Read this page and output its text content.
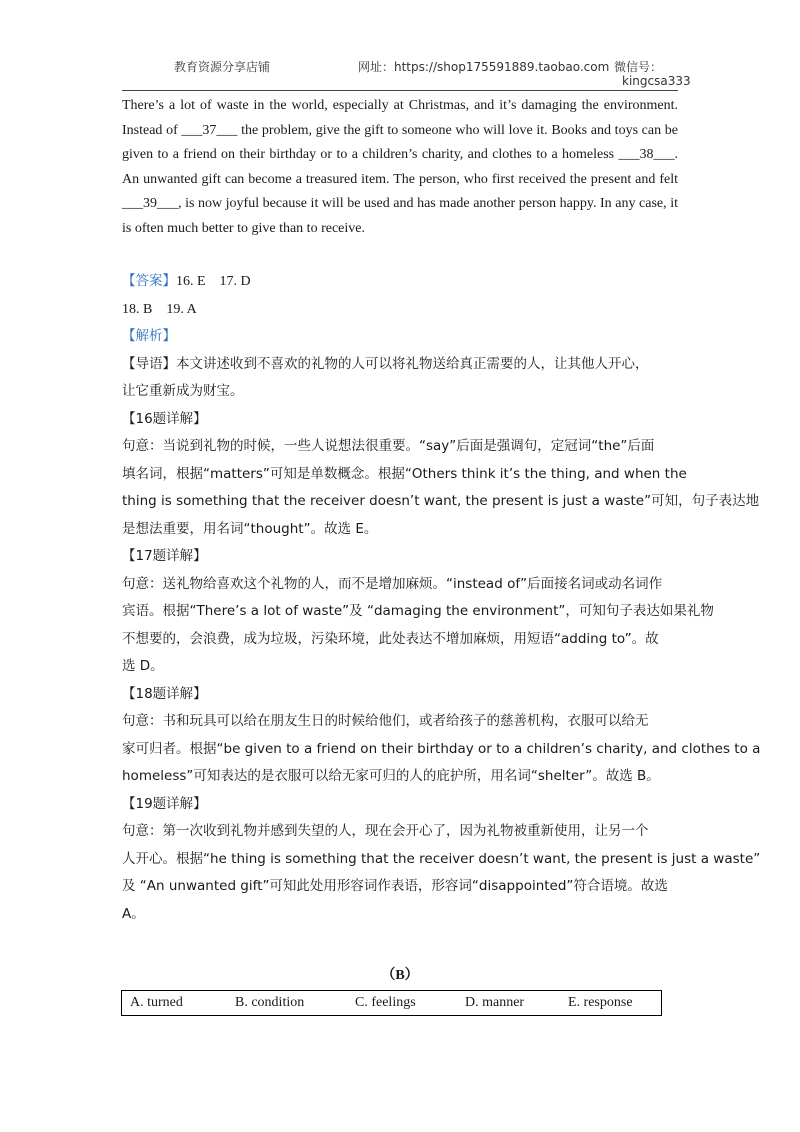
教育资源分享店铺	网址：https://shop175591889.taobao.com 微信号：
kingcsa333

There’s a lot of waste in the world, especially at Christmas, and it’s damaging the environment. Instead of ___37___ the problem, give the gift to someone who will love it. Books and toys can be given to a friend on their birthday or to a children’s charity, and clothes to a homeless ___38___. An unwanted gift can become a treasured item. The person, who first received the present and felt ___39___, is now joyful because it will be used and has made another person happy. In any case, it is often much better to give than to receive.

【答案】16. E　17. D
18. B　19. A
【解析】
【导语】本文讲述收到不喜欢的礼物的人可以将礼物送给真正需要的人，让其他人开心，
让它重新成为财宝。
【16题详解】
句意：当说到礼物的时候，一些人说想法很重要。“say”后面是强调句，定冠词“the”后面
填名词，根据“matters”可知是单数概念。根据“Others think it’s the thing, and when the
thing is something that the receiver doesn’t want, the present is just a waste”可知，句子表达地
是想法重要，用名词“thought”。故选 E。
【17题详解】
句意：送礼物给喜欢这个礼物的人，而不是增加麻烦。“instead of”后面接名词或动名词作
宾语。根据“There’s a lot of waste”及 “damaging the environment”，可知句子表达如果礼物
不想要的，会浪费，成为垃圾，污染环境，此处表达不增加麻烦，用短语“adding to”。故
选 D。
【18题详解】
句意：书和玩具可以给在朋友生日的时候给他们，或者给孩子的慈善机构，衣服可以给无
家可归者。根据“be given to a friend on their birthday or to a children’s charity, and clothes to a
homeless”可知表达的是衣服可以给无家可归的人的庇护所，用名词“shelter”。故选 B。
【19题详解】
句意：第一次收到礼物并感到失望的人，现在会开心了，因为礼物被重新使用，让另一个
人开心。根据“he thing is something that the receiver doesn’t want, the present is just a waste”
及 “An unwanted gift”可知此处用形容词作表语，形容词“disappointed”符合语境。故选
A。
（B）
A. turned	B. condition	C. feelings	D. manner	E. response
